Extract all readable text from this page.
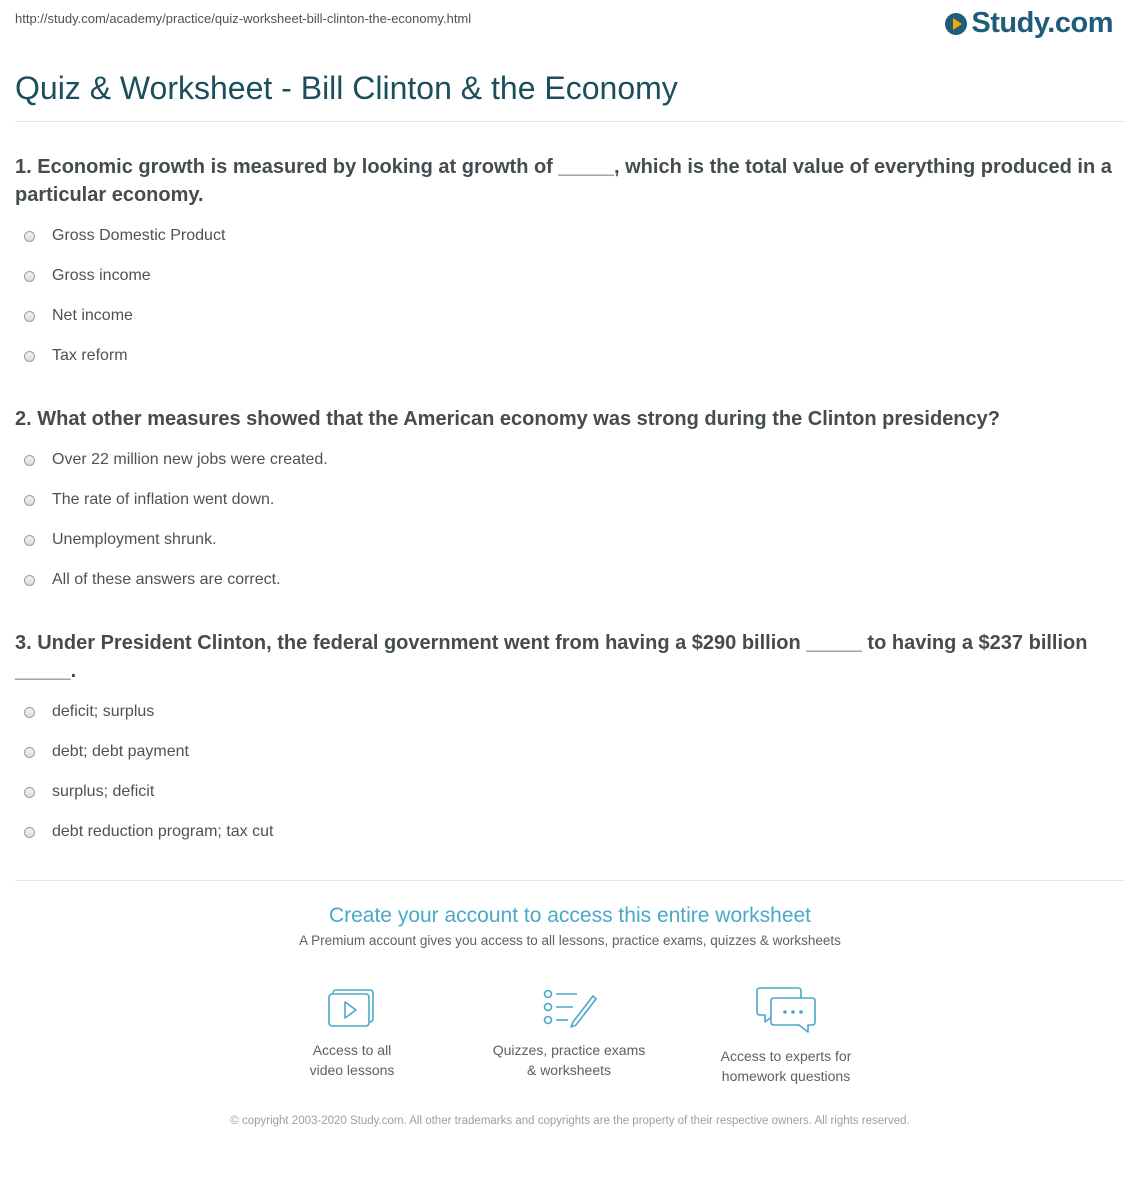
http://study.com/academy/practice/quiz-worksheet-bill-clinton-the-economy.html	Study.com
Quiz & Worksheet - Bill Clinton & the Economy

1. Economic growth is measured by looking at growth of _____, which is the total value of everything produced in a particular economy.

Gross Domestic Product
Gross income
Net income
Tax reform

2. What other measures showed that the American economy was strong during the Clinton presidency?

Over 22 million new jobs were created.
The rate of inflation went down.
Unemployment shrunk.
All of these answers are correct.

3. Under President Clinton, the federal government went from having a $290 billion _____ to having a $237 billion _____.

deficit; surplus
debt; debt payment
surplus; deficit
debt reduction program; tax cut
Create your account to access this entire worksheet
A Premium account gives you access to all lessons, practice exams, quizzes & worksheets
Access to all
video lessons
Quizzes, practice exams
& worksheets
Access to experts for
homework questions
© copyright 2003-2020 Study.com. All other trademarks and copyrights are the property of their respective owners. All rights reserved.
